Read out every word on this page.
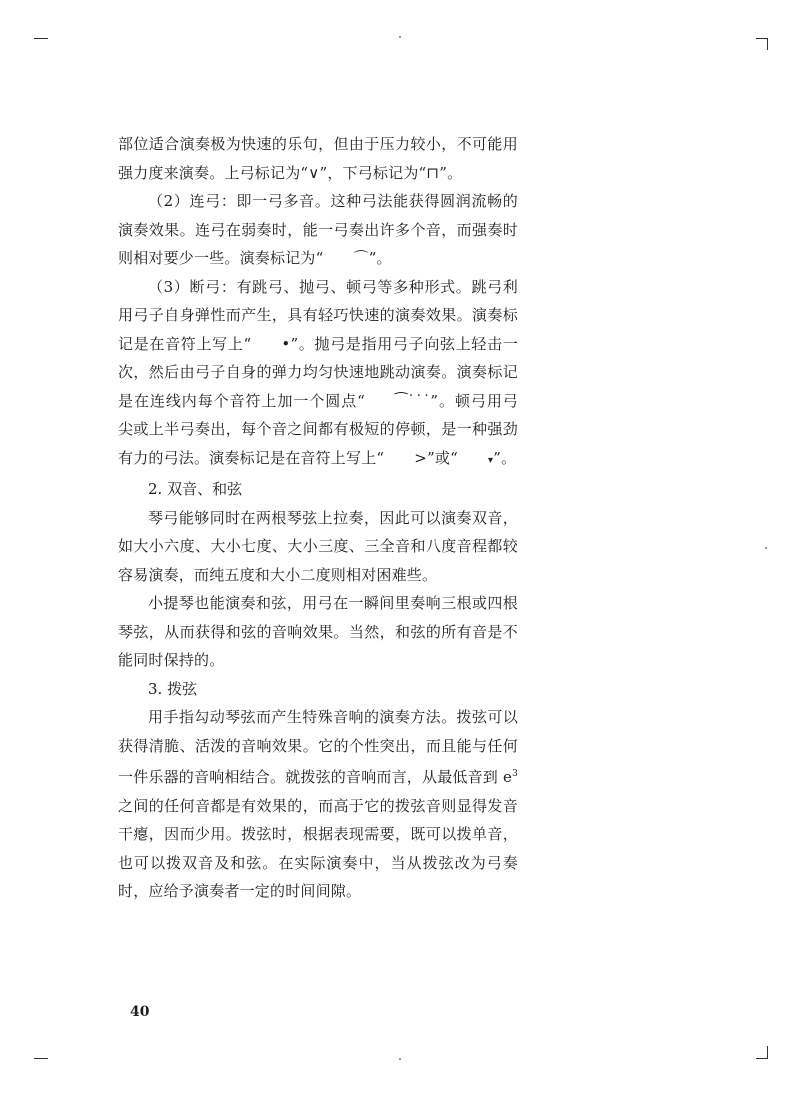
部位适合演奏极为快速的乐句，但由于压力较小，不可能用强力度来演奏。上弓标记为“∨”，下弓标记为“⊓”。

（2）连弓：即一弓多音。这种弓法能获得圆润流畅的演奏效果。连弓在弱奏时，能一弓奏出许多个音，而强奏时则相对要少一些。演奏标记为“ ⌒”。

（3）断弓：有跳弓、抛弓、顿弓等多种形式。跳弓利用弓子自身弹性而产生，具有轻巧快速的演奏效果。演奏标记是在音符上写上“ •”。抛弓是指用弓子向弦上轻击一次，然后由弓子自身的弹力均匀快速地跳动演奏。演奏标记是在连线内每个音符上加一个圆点“ ⁀˙˙˙”。顿弓用弓尖或上半弓奏出，每个音之间都有极短的停顿，是一种强劲有力的弓法。演奏标记是在音符上写上“ >”或“	▾”。

2. 双音、和弦

琴弓能够同时在两根琴弦上拉奏，因此可以演奏双音，如大小六度、大小七度、大小三度、三全音和八度音程都较容易演奏，而纯五度和大小二度则相对困难些。

小提琴也能演奏和弦，用弓在一瞬间里奏响三根或四根琴弦，从而获得和弦的音响效果。当然，和弦的所有音是不能同时保持的。

3. 拨弦

用手指勾动琴弦而产生特殊音响的演奏方法。拨弦可以获得清脆、活泼的音响效果。它的个性突出，而且能与任何一件乐器的音响相结合。就拨弦的音响而言，从最低音到 $e^3$ 之间的任何音都是有效果的，而高于它的拨弦音则显得发音干瘪，因而少用。拨弦时，根据表现需要，既可以拨单音，也可以拨双音及和弦。在实际演奏中，当从拨弦改为弓奏时，应给予演奏者一定的时间间隙。

40
